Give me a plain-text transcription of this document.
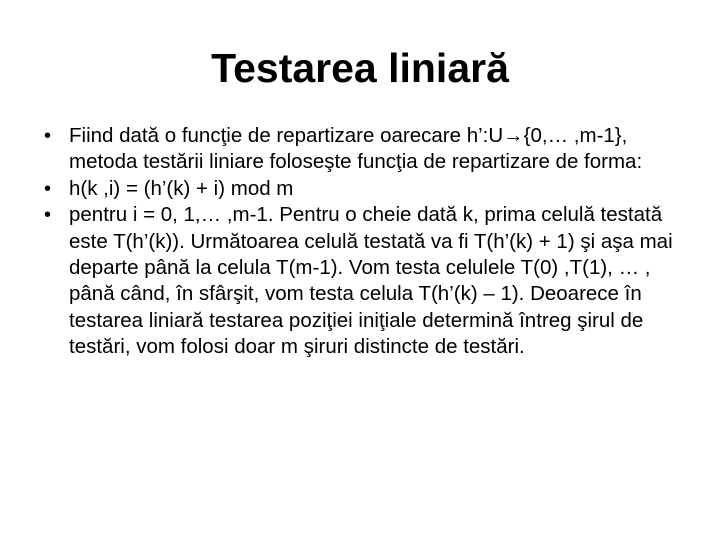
Testarea liniară
• Fiind dată o funcţie de repartizare oarecare h’:U→{0,… ,m-1}, metoda testării liniare foloseşte funcţia de repartizare de forma:
• h(k ,i) = (h’(k) + i) mod m
• pentru i = 0, 1,… ,m-1. Pentru o cheie dată k, prima celulă testată este T(h’(k)). Următoarea celulă testată va fi T(h’(k) + 1) şi aşa mai departe până la celula T(m-1). Vom testa celulele T(0) ,T(1), … , până când, în sfârşit, vom testa celula T(h’(k) – 1). Deoarece în testarea liniară testarea poziţiei iniţiale determină întreg şirul de testări, vom folosi doar m şiruri distincte de testări.
